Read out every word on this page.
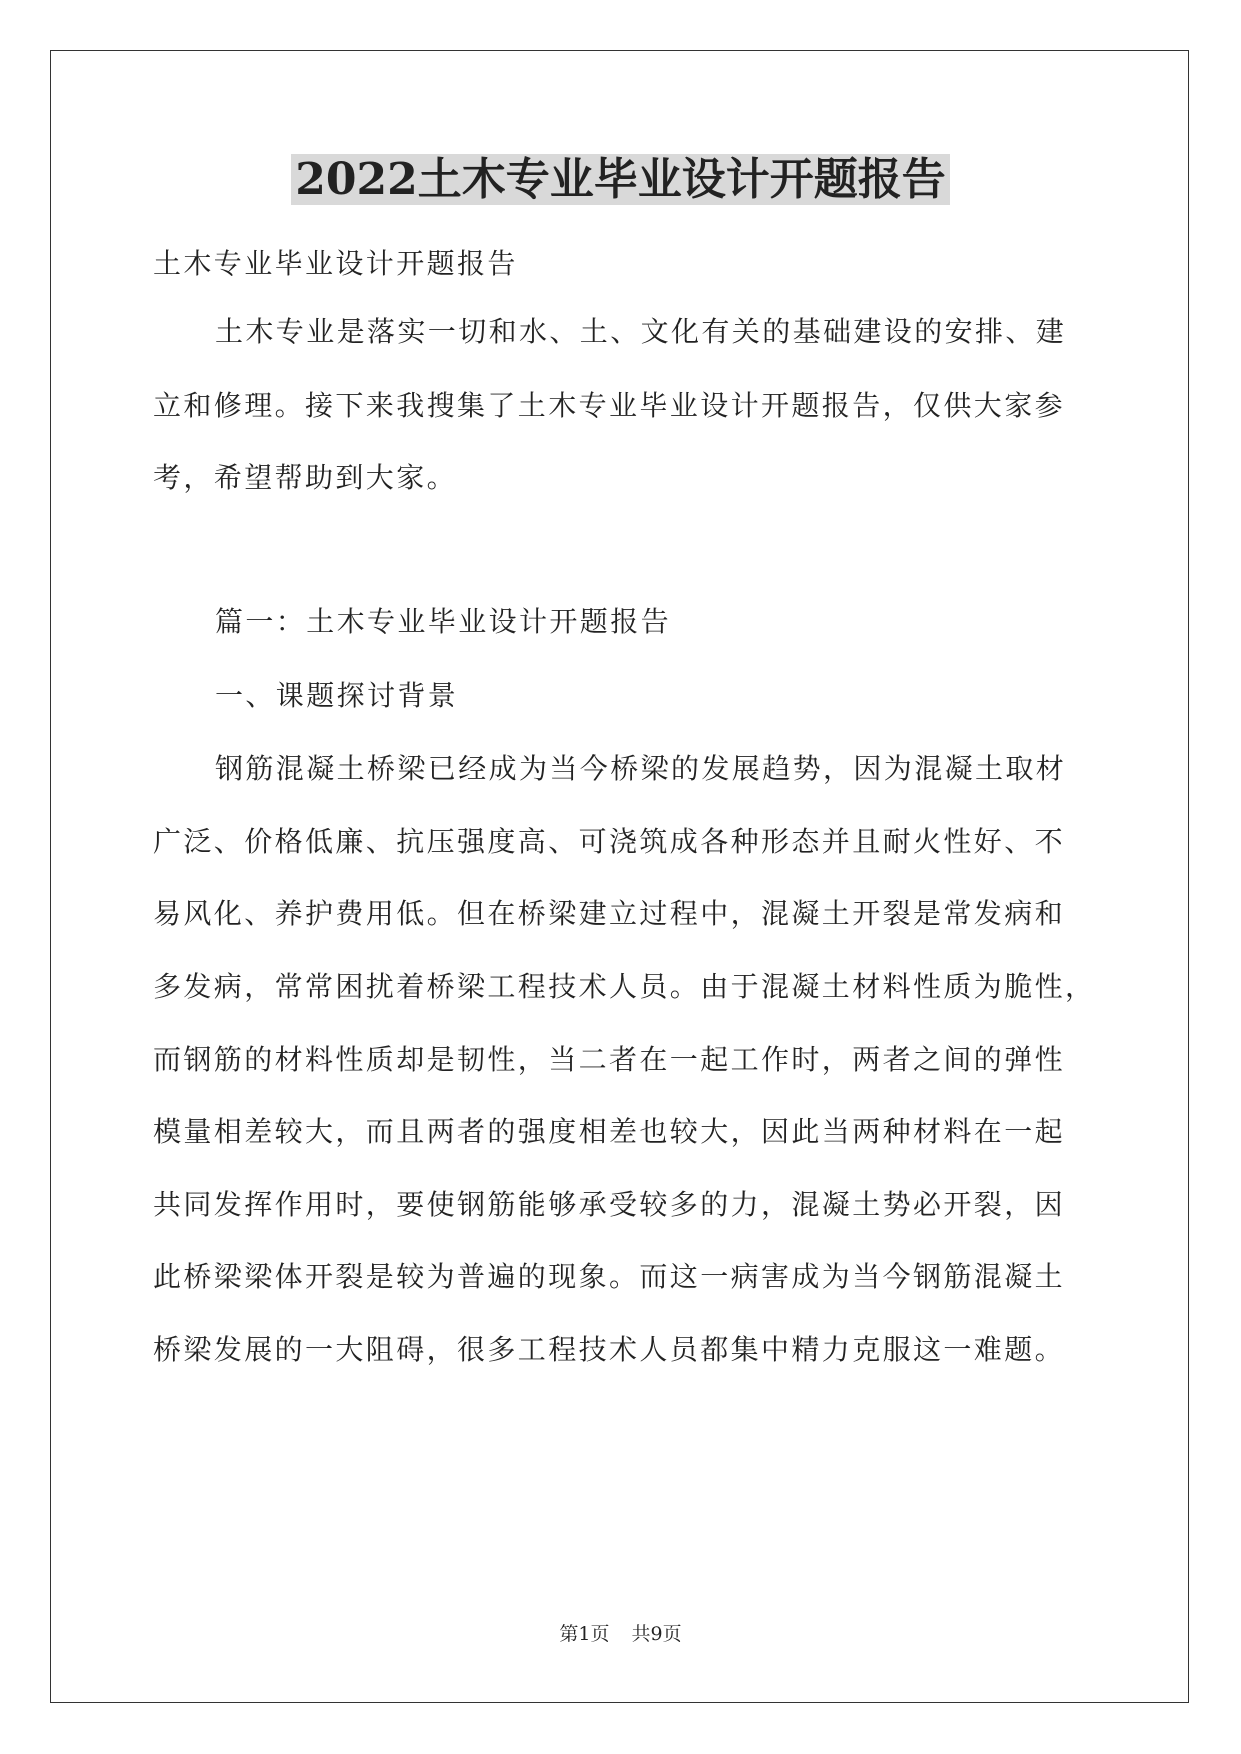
2022土木专业毕业设计开题报告

土木专业毕业设计开题报告

土木专业是落实一切和水、土、文化有关的基础建设的安排、建

立和修理。接下来我搜集了土木专业毕业设计开题报告，仅供大家参

考，希望帮助到大家。

篇一：土木专业毕业设计开题报告

一、课题探讨背景

钢筋混凝土桥梁已经成为当今桥梁的发展趋势，因为混凝土取材

广泛、价格低廉、抗压强度高、可浇筑成各种形态并且耐火性好、不

易风化、养护费用低。但在桥梁建立过程中，混凝土开裂是常发病和

多发病，常常困扰着桥梁工程技术人员。由于混凝土材料性质为脆性，

而钢筋的材料性质却是韧性，当二者在一起工作时，两者之间的弹性

模量相差较大，而且两者的强度相差也较大，因此当两种材料在一起

共同发挥作用时，要使钢筋能够承受较多的力，混凝土势必开裂，因

此桥梁梁体开裂是较为普遍的现象。而这一病害成为当今钢筋混凝土

桥梁发展的一大阻碍，很多工程技术人员都集中精力克服这一难题。

第1页 共9页
